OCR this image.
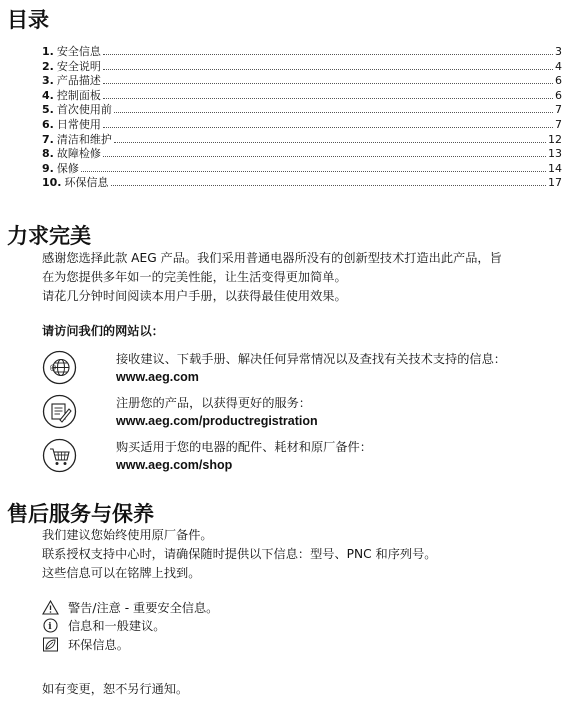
目录
1. 安全信息	3
2. 安全说明	4
3. 产品描述	6
4. 控制面板	6
5. 首次使用前	7
6. 日常使用	7
7. 清洁和维护	12
8. 故障检修	13
9. 保修	14
10. 环保信息	17
力求完美

感谢您选择此款 AEG 产品。我们采用普通电器所没有的创新型技术打造出此产品，旨

在为您提供多年如一的完美性能，让生活变得更加简单。

请花几分钟时间阅读本用户手册，以获得最佳使用效果。

请访问我们的网站以：
@
接收建议、下载手册、解决任何异常情况以及查找有关技术支持的信息：
www.aeg.com
注册您的产品，以获得更好的服务：
www.aeg.com/productregistration
购买适用于您的电器的配件、耗材和原厂备件：
www.aeg.com/shop
售后服务与保养

我们建议您始终使用原厂备件。

联系授权支持中心时，请确保随时提供以下信息：型号、PNC 和序列号。

这些信息可以在铭牌上找到。

警告/注意 - 重要安全信息。
i 信息和一般建议。
环保信息。
如有变更，恕不另行通知。
